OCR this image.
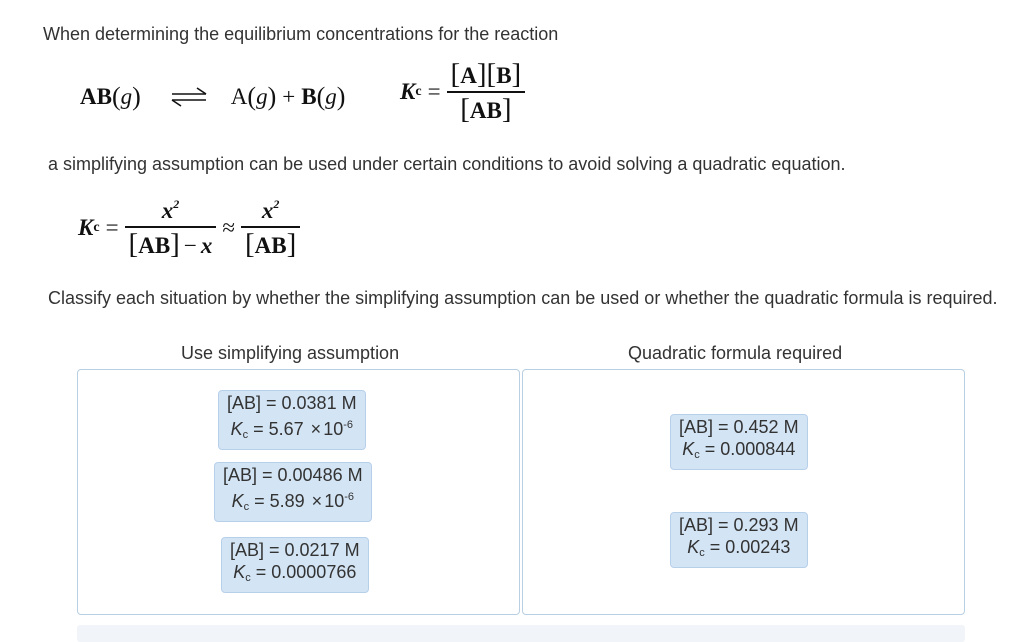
When determining the equilibrium concentrations for the reaction
AB ( g ) ⇌ A ( g ) + B ( g ) K $c = \frac{[A][B]}{[AB]}$
a simplifying assumption can be used under certain conditions to avoid solving a quadratic equation.
K $c = \frac{x^2}{[AB] - x} \approx \frac{x^2}{[AB]}$
Classify each situation by whether the simplifying assumption can be used or whether the quadratic formula is required.
Use simplifying assumption	Quadratic formula required
[AB] = 0.0381 M
$K_c = 5.67 \times 10^{-6}$
[AB] = 0.00486 M
$K_c = 5.89 \times 10^{-6}$
[AB] = 0.0217 M
$K_c = 0.0000766$
[AB] = 0.452 M
$K_c = 0.000844$
[AB] = 0.293 M
$K_c = 0.00243$
